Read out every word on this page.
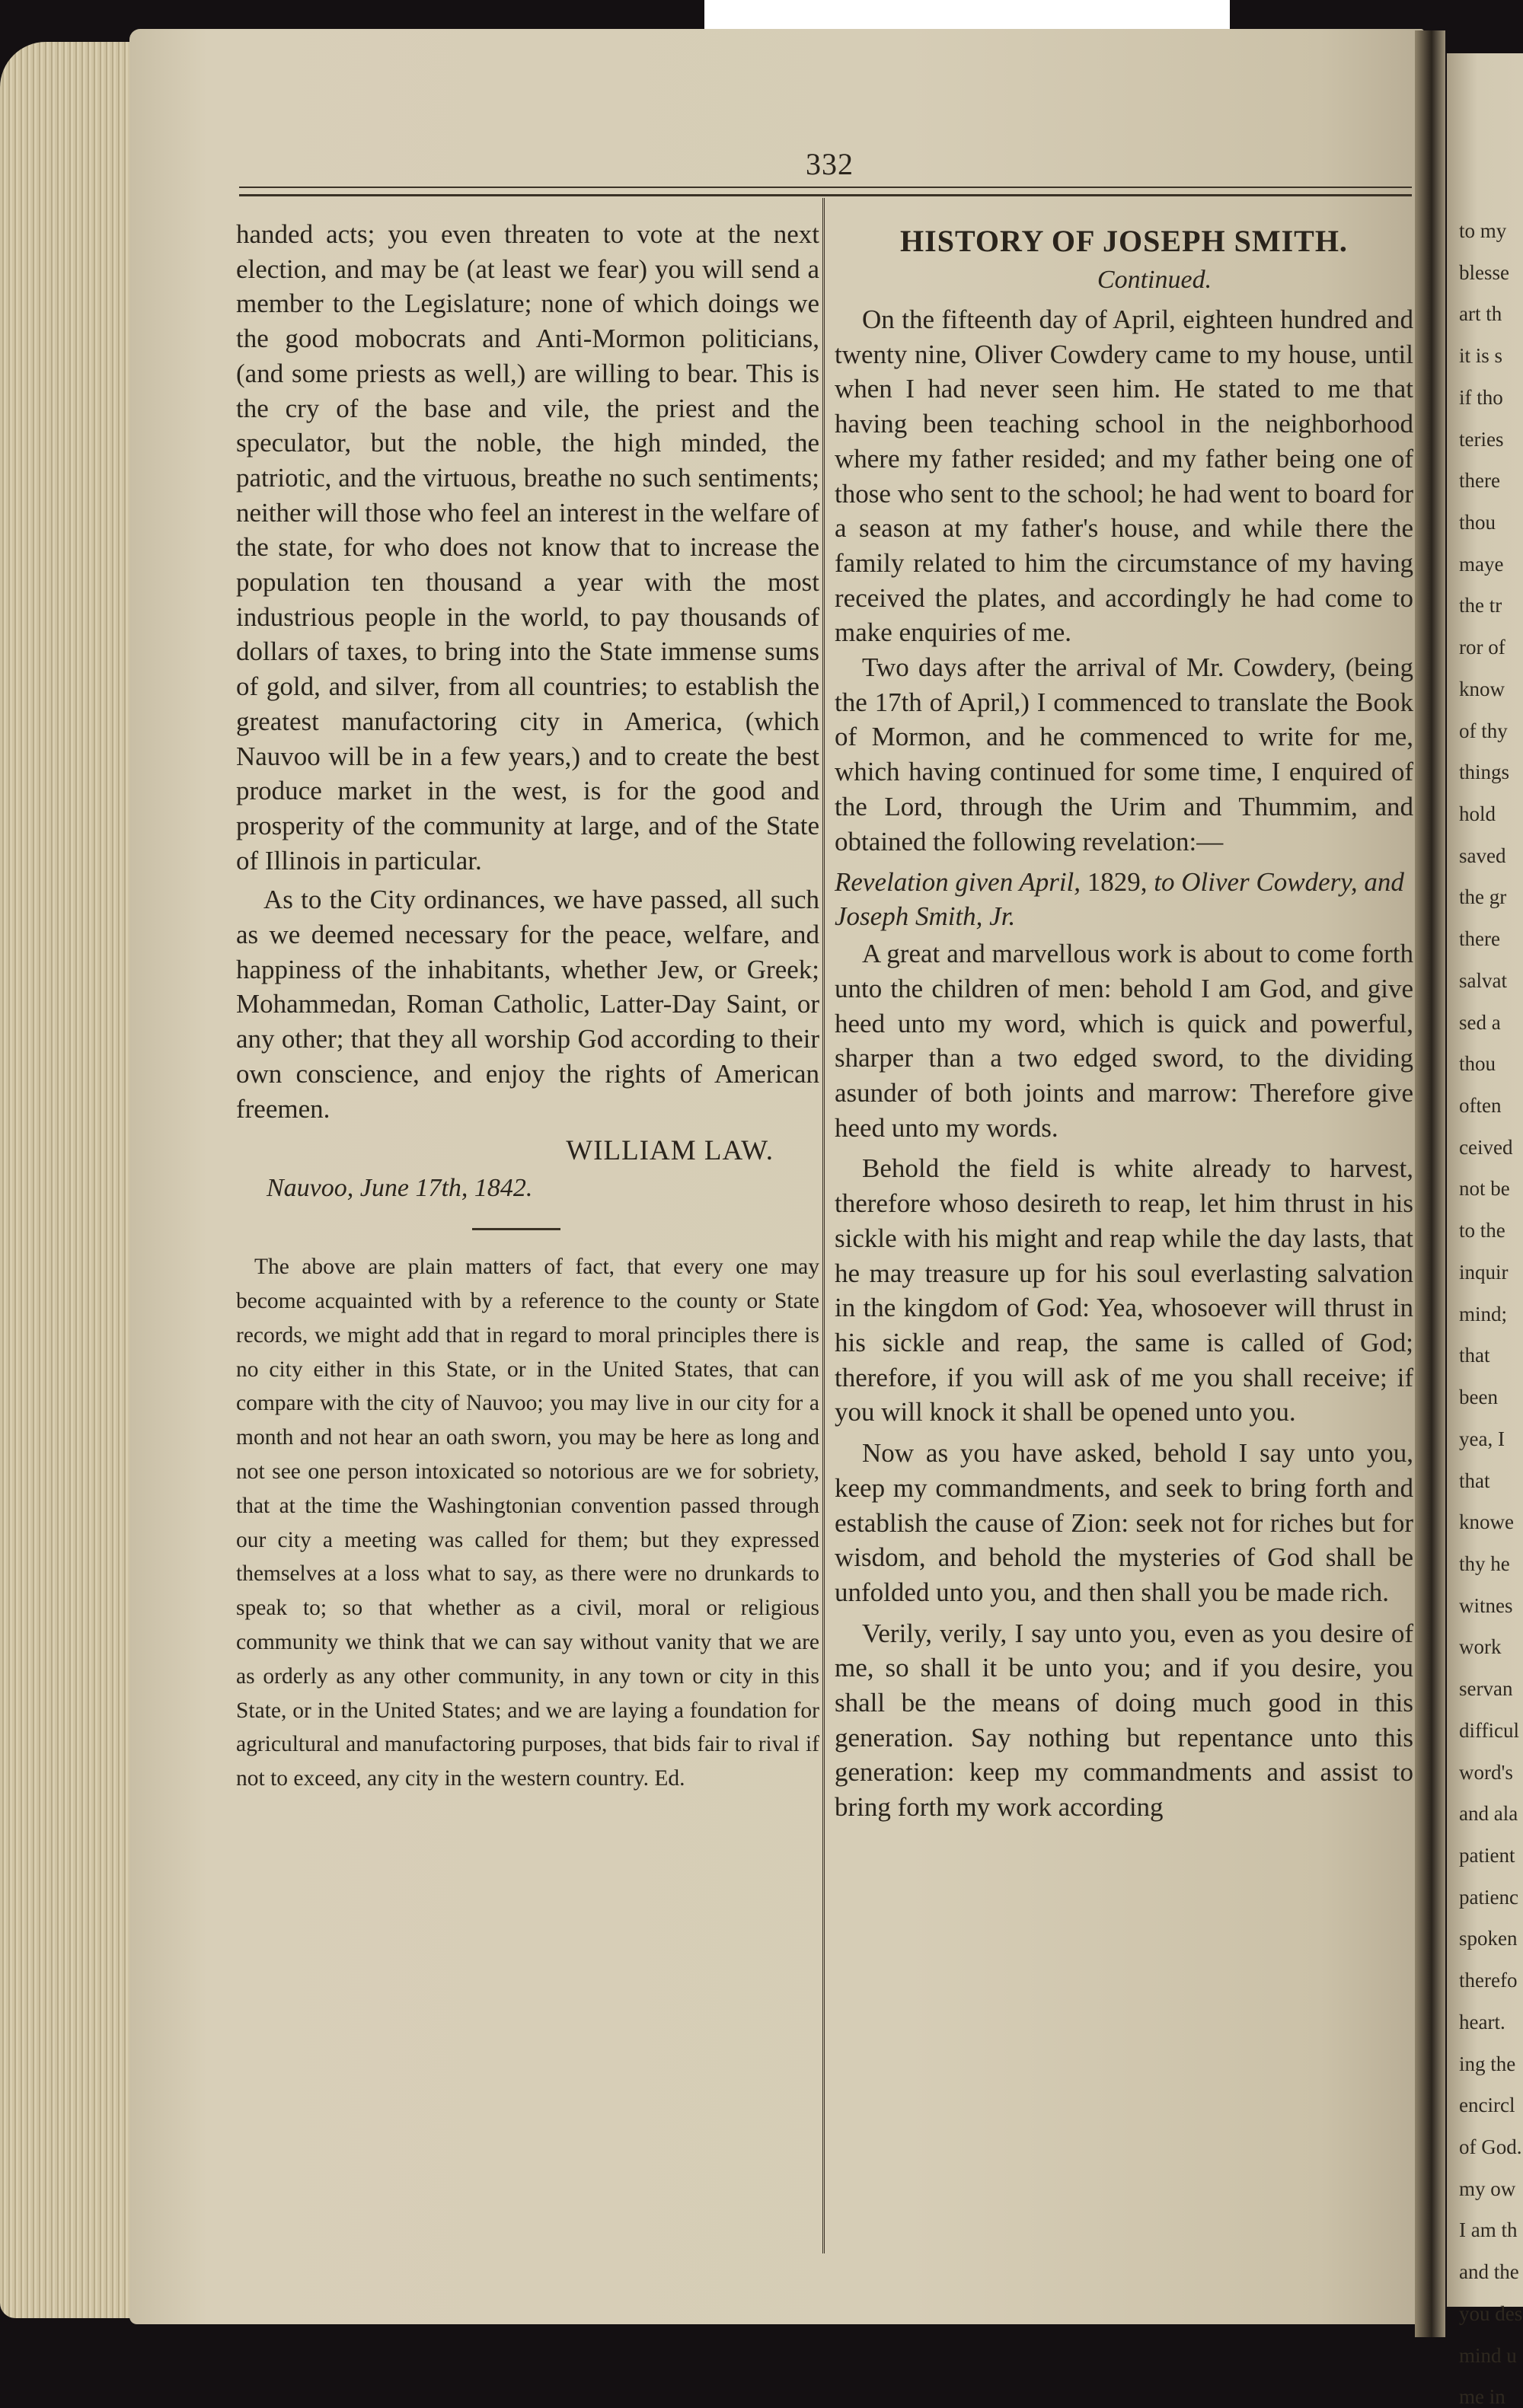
to my
blesse
art th
it is s
if tho
teries
there
thou
maye
the tr
ror of
know
of thy
things
hold
saved
the gr
there
salvat
sed a
thou
often
ceived
not be
to the
inquir
mind;
that
been
yea, I
that
knowe
thy he
witnes
work
servan
difficul
word's
and ala
patient
patienc
spoken
therefo
heart.
ing the
encircl
of God.
my ow
I am th
and the
you des
mind u
me in
332

handed acts; you even threaten to vote at the next election, and may be (at least we fear) you will send a member to the Legislature; none of which doings we the good mobocrats and Anti-Mormon politicians, (and some priests as well,) are willing to bear. This is the cry of the base and vile, the priest and the speculator, but the noble, the high minded, the patriotic, and the virtuous, breathe no such sentiments; neither will those who feel an interest in the welfare of the state, for who does not know that to increase the population ten thousand a year with the most industrious people in the world, to pay thousands of dollars of taxes, to bring into the State immense sums of gold, and silver, from all countries; to establish the greatest manufactoring city in America, (which Nauvoo will be in a few years,) and to create the best produce market in the west, is for the good and prosperity of the community at large, and of the State of Illinois in particular.

As to the City ordinances, we have passed, all such as we deemed necessary for the peace, welfare, and happiness of the inhabitants, whether Jew, or Greek; Mohammedan, Roman Catholic, Latter-Day Saint, or any other; that they all worship God according to their own conscience, and enjoy the rights of American freemen.

WILLIAM LAW.

Nauvoo, June 17th, 1842.

The above are plain matters of fact, that every one may become acquainted with by a reference to the county or State records, we might add that in regard to moral principles there is no city either in this State, or in the United States, that can compare with the city of Nauvoo; you may live in our city for a month and not hear an oath sworn, you may be here as long and not see one person intoxicated so notorious are we for sobriety, that at the time the Washingtonian convention passed through our city a meeting was called for them; but they expressed themselves at a loss what to say, as there were no drunkards to speak to; so that whether as a civil, moral or religious community we think that we can say without vanity that we are as orderly as any other community, in any town or city in this State, or in the United States; and we are laying a foundation for agricultural and manufactoring purposes, that bids fair to rival if not to exceed, any city in the western country. Ed.

HISTORY OF JOSEPH SMITH.

Continued.

On the fifteenth day of April, eighteen hundred and twenty nine, Oliver Cowdery came to my house, until when I had never seen him. He stated to me that having been teaching school in the neighborhood where my father resided; and my father being one of those who sent to the school; he had went to board for a season at my father's house, and while there the family related to him the circumstance of my having received the plates, and accordingly he had come to make enquiries of me.

Two days after the arrival of Mr. Cowdery, (being the 17th of April,) I commenced to translate the Book of Mormon, and he commenced to write for me, which having continued for some time, I enquired of the Lord, through the Urim and Thummim, and obtained the following revelation:—

Revelation given April, 1829, to Oliver Cowdery, and Joseph Smith, Jr.

A great and marvellous work is about to come forth unto the children of men: behold I am God, and give heed unto my word, which is quick and powerful, sharper than a two edged sword, to the dividing asunder of both joints and marrow: Therefore give heed unto my words.

Behold the field is white already to harvest, therefore whoso desireth to reap, let him thrust in his sickle with his might and reap while the day lasts, that he may treasure up for his soul everlasting salvation in the kingdom of God: Yea, whosoever will thrust in his sickle and reap, the same is called of God; therefore, if you will ask of me you shall receive; if you will knock it shall be opened unto you.

Now as you have asked, behold I say unto you, keep my commandments, and seek to bring forth and establish the cause of Zion: seek not for riches but for wisdom, and behold the mysteries of God shall be unfolded unto you, and then shall you be made rich.

Verily, verily, I say unto you, even as you desire of me, so shall it be unto you; and if you desire, you shall be the means of doing much good in this generation. Say nothing but repentance unto this generation: keep my commandments and assist to bring forth my work according
